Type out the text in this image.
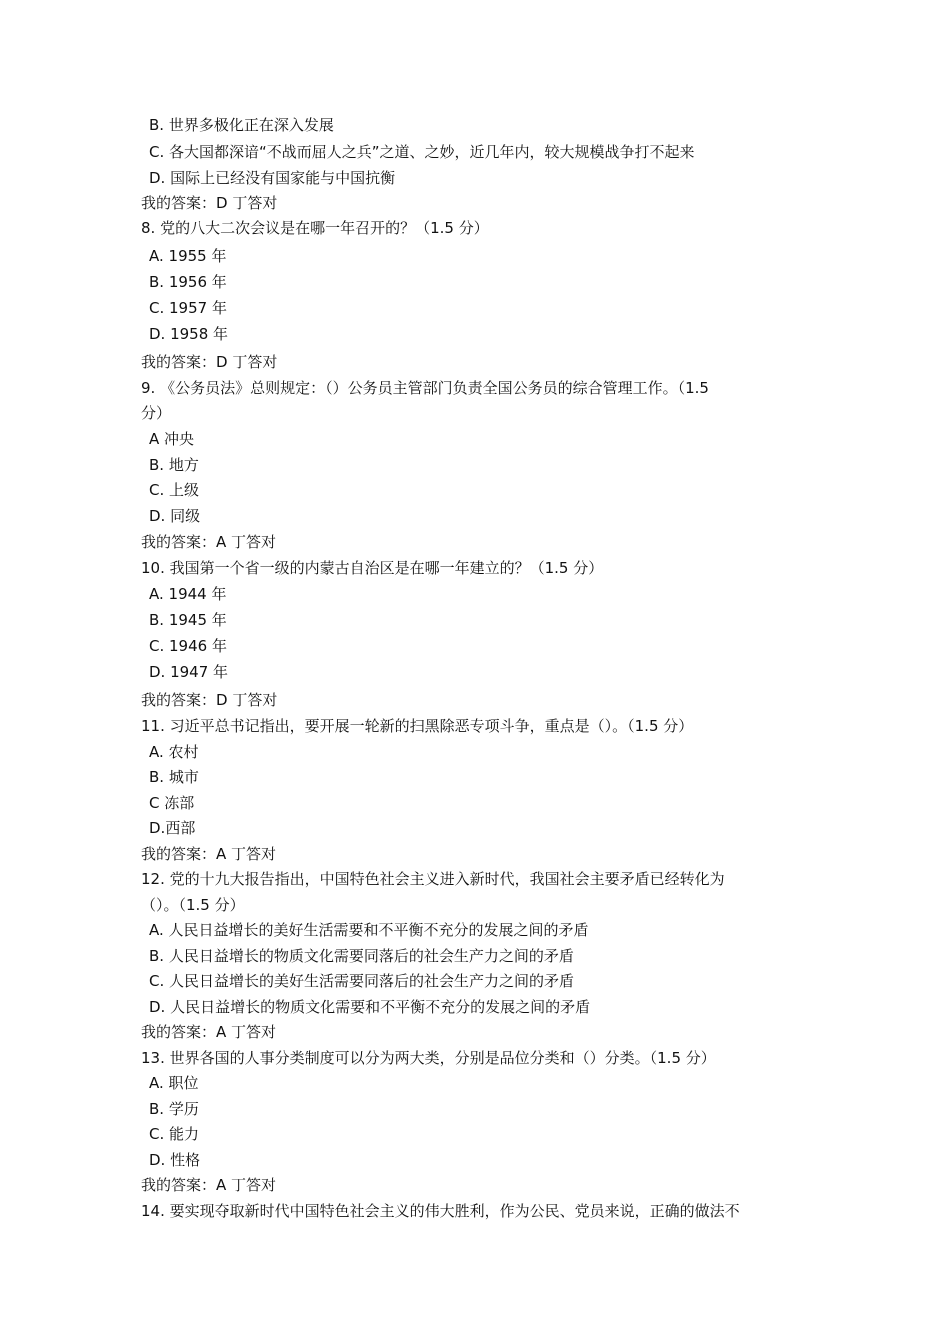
B. 世界多极化正在深入发展
C. 各大国都深谙“不战而屈人之兵”之道、之妙，近几年内，较大规模战争打不起来
D. 国际上已经没有国家能与中国抗衡
我的答案：D 丁答对
8. 党的八大二次会议是在哪一年召开的？（1.5 分）
A. 1955 年
B. 1956 年
C. 1957 年
D. 1958 年
我的答案：D 丁答对
9. 《公务员法》总则规定：（）公务员主管部门负责全国公务员的综合管理工作。（1.5
分）
A 冲央
B. 地方
C. 上级
D. 同级
我的答案：A 丁答对
10. 我国第一个省一级的内蒙古自治区是在哪一年建立的？（1.5 分）
A. 1944 年
B. 1945 年
C. 1946 年
D. 1947 年
我的答案：D 丁答对
11. 习近平总书记指出，要开展一轮新的扫黑除恶专项斗争，重点是（）。（1.5 分）
A. 农村
B. 城市
C 冻部
D.西部
我的答案：A 丁答对
12. 党的十九大报告指出，中国特色社会主义进入新时代，我国社会主要矛盾已经转化为
（）。（1.5 分）
A. 人民日益增长的美好生活需要和不平衡不充分的发展之间的矛盾
B. 人民日益增长的物质文化需要同落后的社会生产力之间的矛盾
C. 人民日益增长的美好生活需要同落后的社会生产力之间的矛盾
D. 人民日益增长的物质文化需要和不平衡不充分的发展之间的矛盾
我的答案：A 丁答对
13. 世界各国的人事分类制度可以分为两大类，分别是品位分类和（）分类。（1.5 分）
A. 职位
B. 学历
C. 能力
D. 性格
我的答案：A 丁答对
14. 要实现夺取新时代中国特色社会主义的伟大胜利，作为公民、党员来说，正确的做法不
